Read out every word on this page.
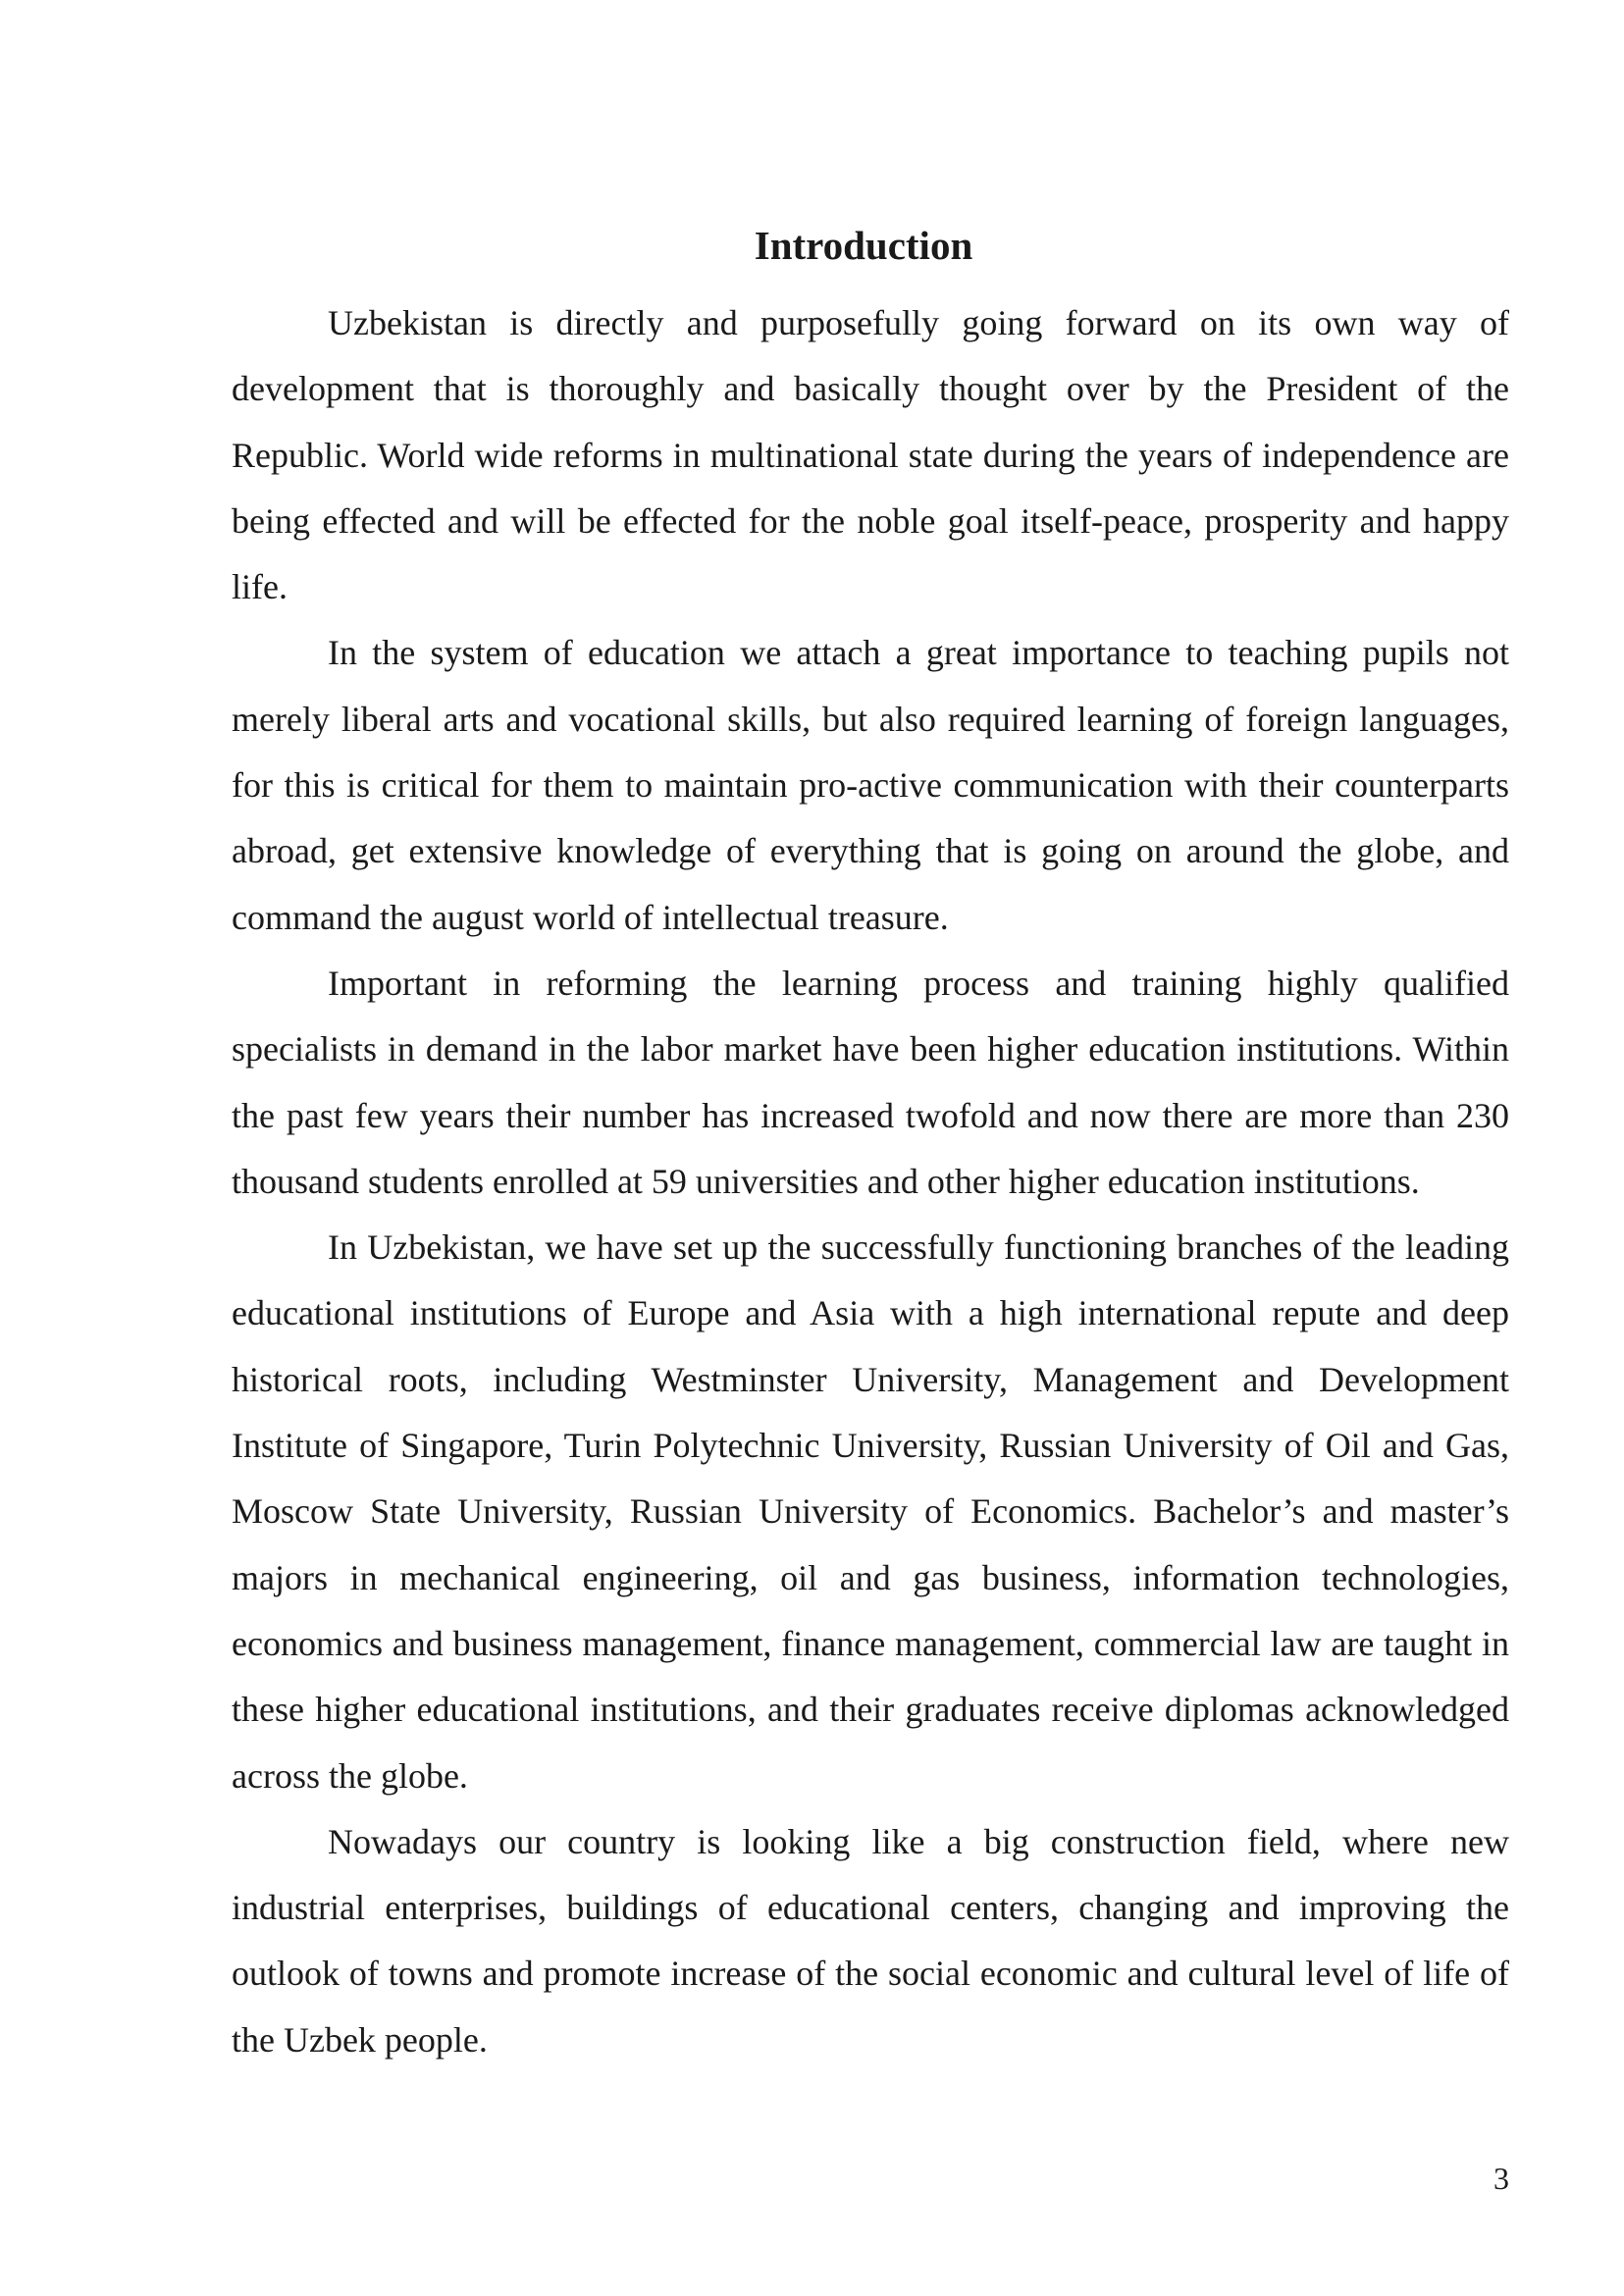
Introduction

Uzbekistan is directly and purposefully going forward on its own way of development that is thoroughly and basically thought over by the President of the Republic. World wide reforms in multinational state during the years of independence are being effected and will be effected for the noble goal itself-peace, prosperity and happy life.

In the system of education we attach a great importance to teaching pupils not merely liberal arts and vocational skills, but also required learning of foreign languages, for this is critical for them to maintain pro-active communication with their counterparts abroad, get extensive knowledge of everything that is going on around the globe, and command the august world of intellectual treasure.

Important in reforming the learning process and training highly qualified specialists in demand in the labor market have been higher education institutions. Within the past few years their number has increased twofold and now there are more than 230 thousand students enrolled at 59 universities and other higher education institutions.

In Uzbekistan, we have set up the successfully functioning branches of the leading educational institutions of Europe and Asia with a high international repute and deep historical roots, including Westminster University, Management and Development Institute of Singapore, Turin Polytechnic University, Russian University of Oil and Gas, Moscow State University, Russian University of Economics. Bachelor’s and master’s majors in mechanical engineering, oil and gas business, information technologies, economics and business management, finance management, commercial law are taught in these higher educational institutions, and their graduates receive diplomas acknowledged across the globe.

Nowadays our country is looking like a big construction field, where new industrial enterprises, buildings of educational centers, changing and improving the outlook of towns and promote increase of the social economic and cultural level of life of the Uzbek people.

3
